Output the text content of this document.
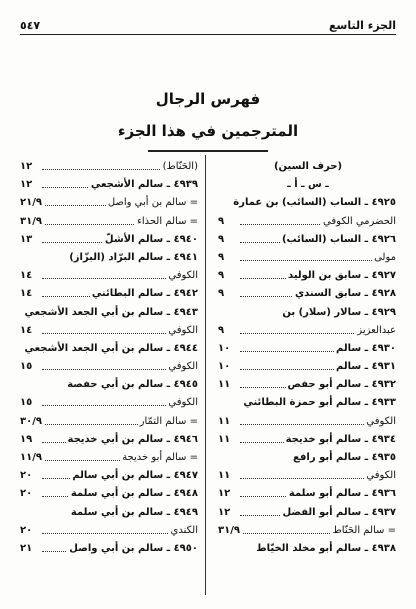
الجزء التاسع
٥٤٧
فهرس الرجال
المترجمين في هذا الجزء
(حرف السين)
ـ س ـ أ ـ
٤٩٢٥ ـ الساب (السائب) بن عمارة
الحضرمي الكوفي
٩
٤٩٢٦ ـ الساب (السائب)
٩
مولى
٩
٤٩٢٧ ـ سابق بن الوليد
٩
٤٩٢٨ ـ سابق السندي
٩
٤٩٢٩ ـ سالار (سلار) بن
عبدالعزيز
٩
٤٩٣٠ ـ سالم
١٠
٤٩٣١ ـ سالم
١٠
٤٩٣٢ ـ سالم أبو حفص
١١
٤٩٣٣ ـ سالم أبو حمزة البطائني
الكوفي
١١
٤٩٣٤ ـ سالم أبو خديجة
١١
٤٩٣٥ ـ سالم أبو رافع
الكوفي
١١
٤٩٣٦ ـ سالم أبو سلمة
١٢
٤٩٣٧ ـ سالم أبو الفضل
١٢
= سالم الحَنّاط
٣١/٩
٤٩٣٨ ـ سالم أبو مخلد الخيّاط
(الحَنّاط)
١٢
٤٩٣٩ ـ سالم الأشجعي
١٢
= سالم بن أبي واصل
٢١/٩
= سالم الحذاء
٣١/٩
٤٩٤٠ ـ سالم الأشلّ
١٣
٤٩٤١ ـ سالم البرّاد (البزّاز)
الكوفي
١٤
٤٩٤٢ ـ سالم البطائني
١٤
٤٩٤٣ ـ سالم بن أبي الجعد الأشجعي
الكوفي
١٤
٤٩٤٤ ـ سالم بن أبي الجعد الأشجعي
الكوفي
١٥
٤٩٤٥ ـ سالم بن أبي حفصة
الكوفي
١٥
= سالم التمّار
٣٠/٩
٤٩٤٦ ـ سالم بن أبي خديجة
١٩
= سالم أبو خديجة
١١/٩
٤٩٤٧ ـ سالم بن أبي سالم
٢٠
٤٩٤٨ ـ سالم بن أبي سلمة
٢٠
٤٩٤٩ ـ سالم بن أبي سلمة
الكندي
٢٠
٤٩٥٠ ـ سالم بن أبي واصل
٢١
